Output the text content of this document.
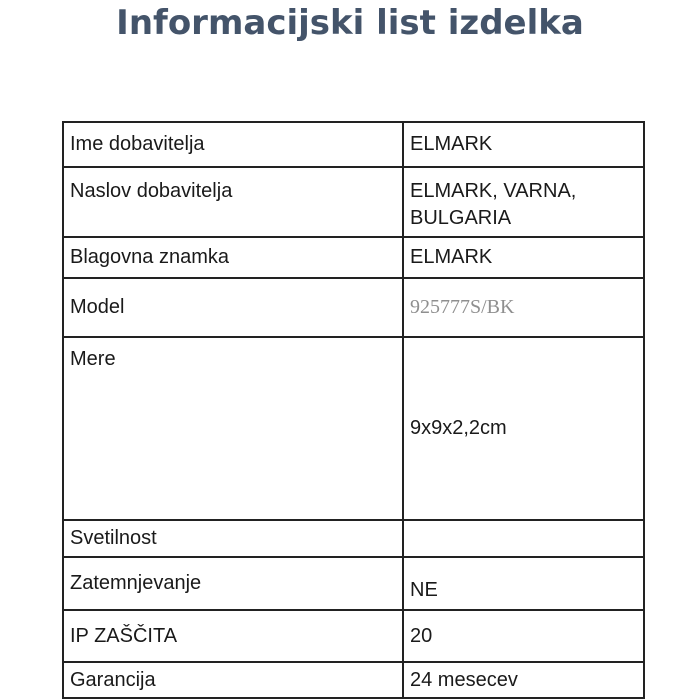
Informacijski list izdelka
Ime dobavitelja	ELMARK
Naslov dobavitelja	ELMARK, VARNA, BULGARIA
Blagovna znamka	ELMARK
Model	925777S/BK
Mere	9x9x2,2cm
Svetilnost	
Zatemnjevanje	NE
IP ZAŠČITA	20
Garancija	24 mesecev
